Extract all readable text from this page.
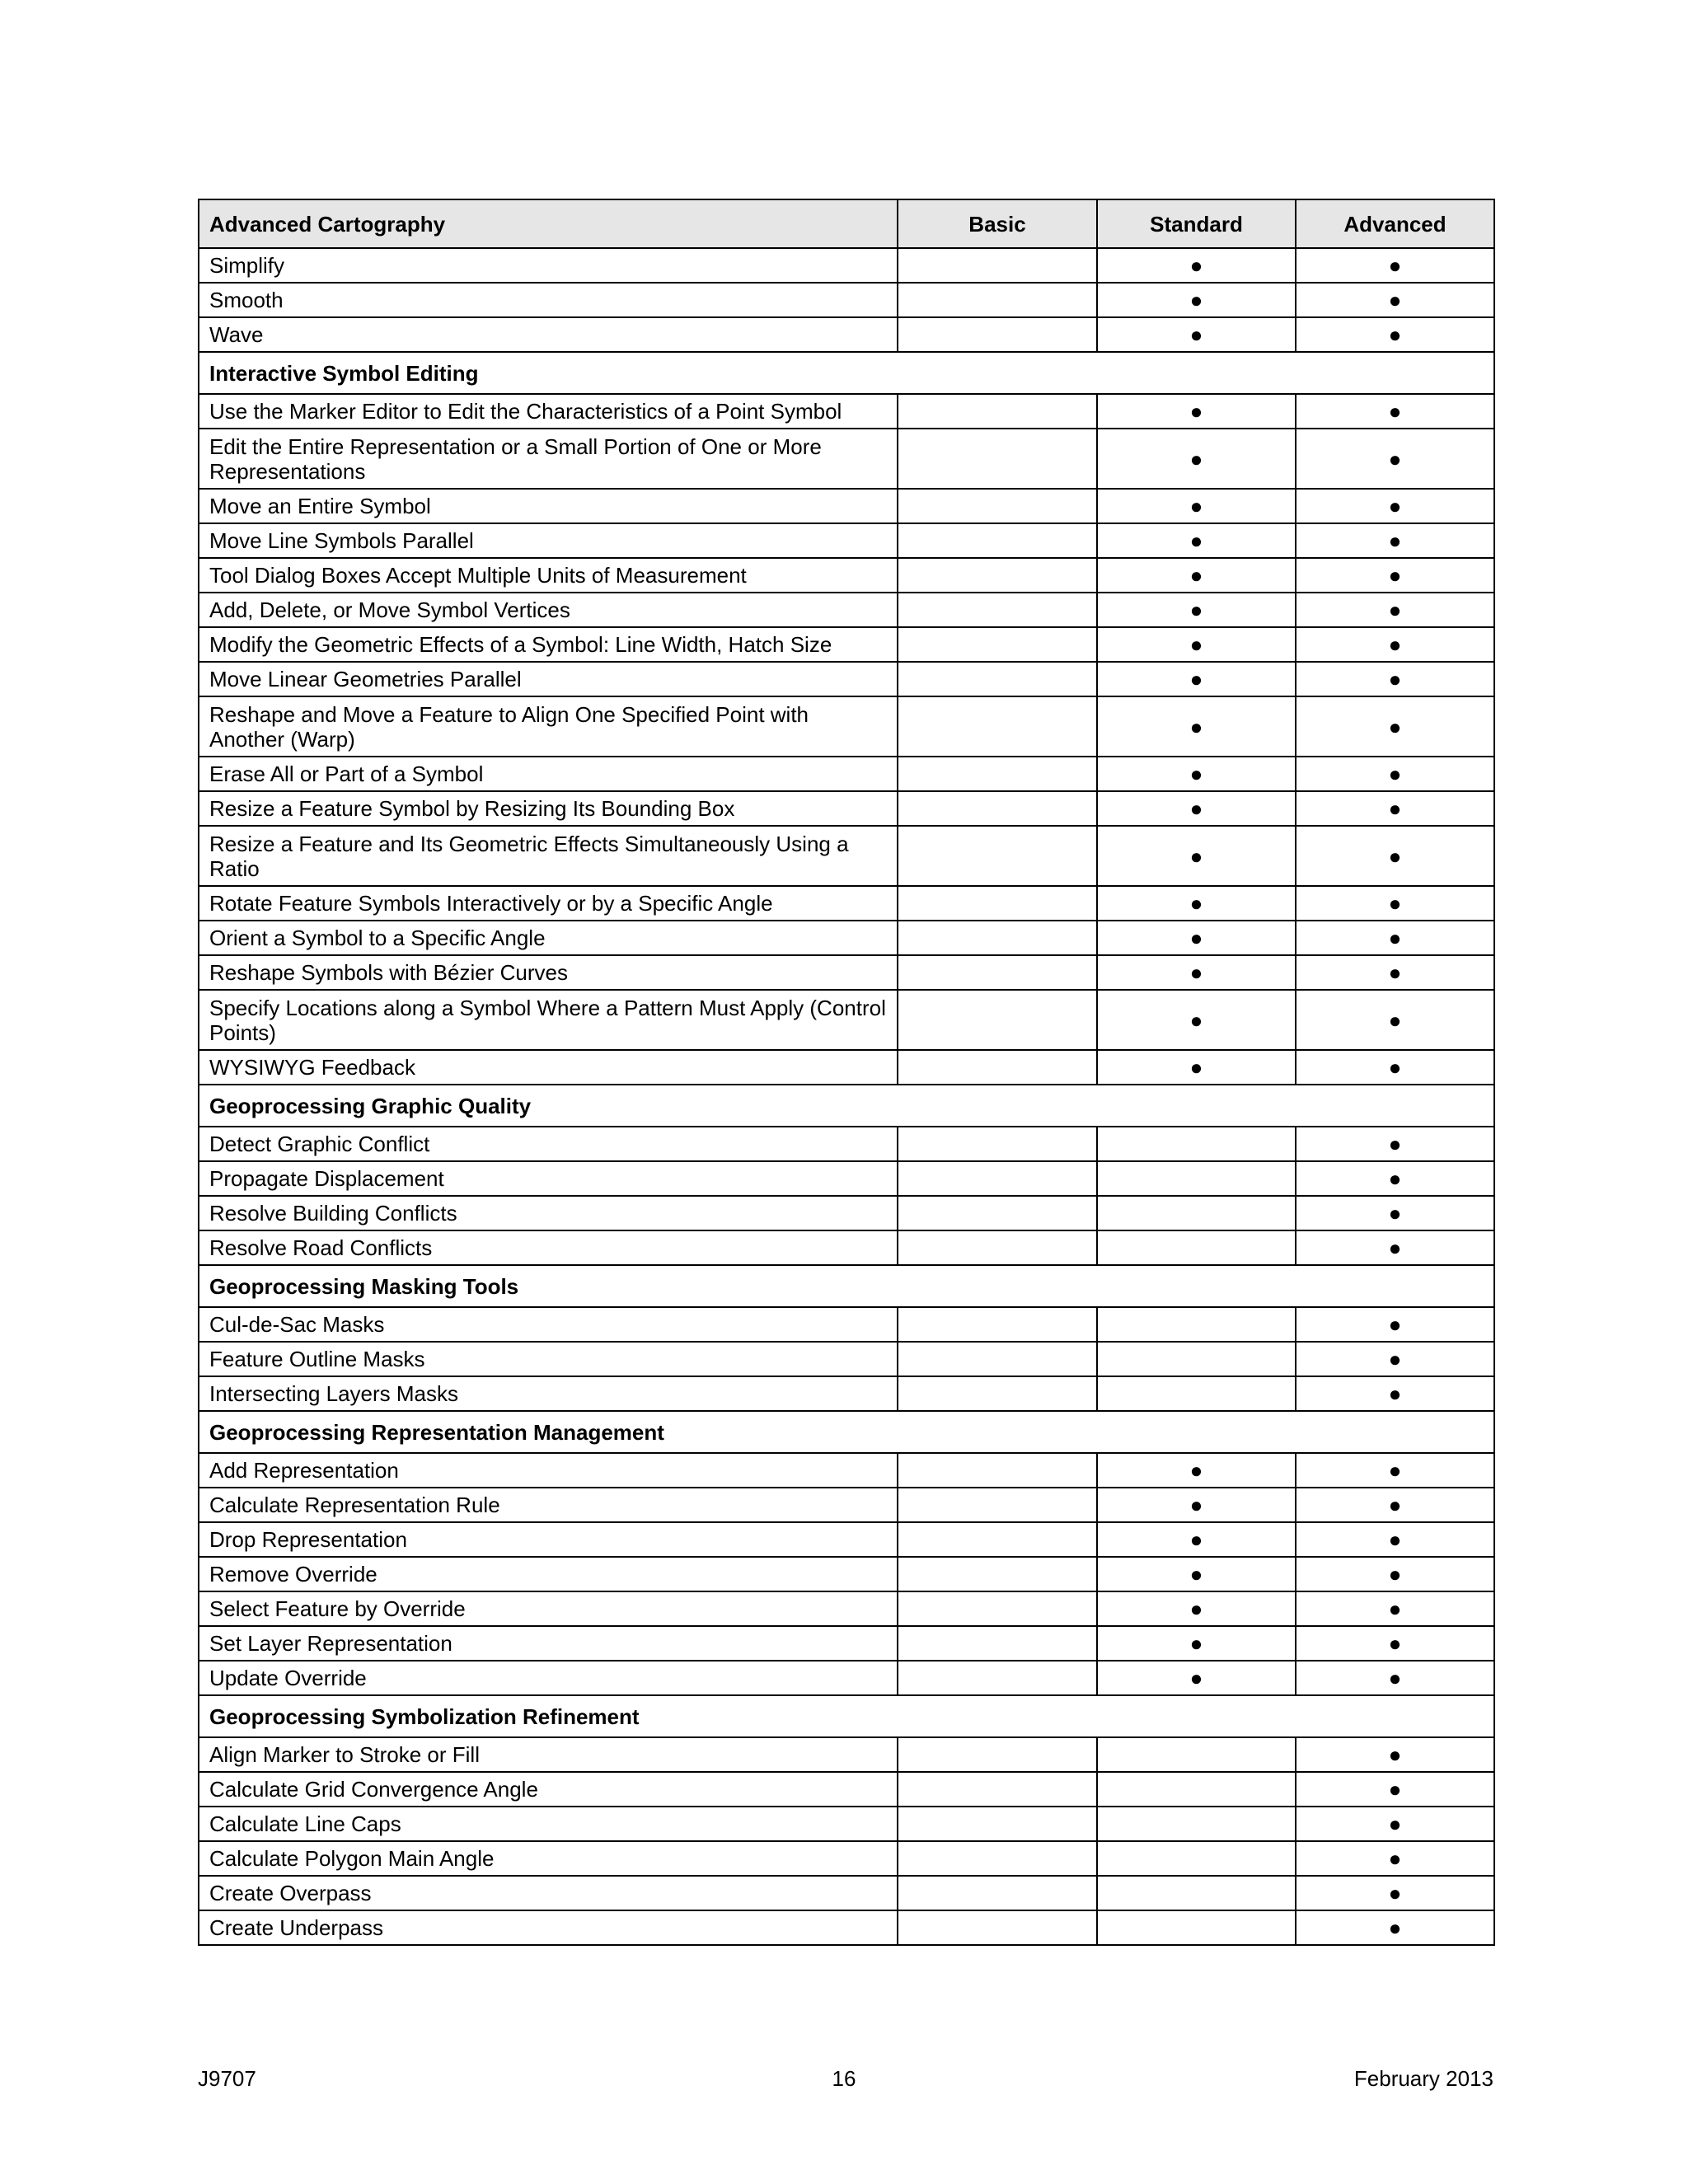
Advanced Cartography	Basic	Standard	Advanced
Simplify		●	●
Smooth		●	●
Wave		●	●
Interactive Symbol Editing			
Use the Marker Editor to Edit the Characteristics of a Point Symbol		●	●
Edit the Entire Representation or a Small Portion of One or More Representations		●	●
Move an Entire Symbol		●	●
Move Line Symbols Parallel		●	●
Tool Dialog Boxes Accept Multiple Units of Measurement		●	●
Add, Delete, or Move Symbol Vertices		●	●
Modify the Geometric Effects of a Symbol: Line Width, Hatch Size		●	●
Move Linear Geometries Parallel		●	●
Reshape and Move a Feature to Align One Specified Point with Another (Warp)		●	●
Erase All or Part of a Symbol		●	●
Resize a Feature Symbol by Resizing Its Bounding Box		●	●
Resize a Feature and Its Geometric Effects Simultaneously Using a Ratio		●	●
Rotate Feature Symbols Interactively or by a Specific Angle		●	●
Orient a Symbol to a Specific Angle		●	●
Reshape Symbols with Bézier Curves		●	●
Specify Locations along a Symbol Where a Pattern Must Apply (Control Points)		●	●
WYSIWYG Feedback		●	●
Geoprocessing Graphic Quality			
Detect Graphic Conflict			●
Propagate Displacement			●
Resolve Building Conflicts			●
Resolve Road Conflicts			●
Geoprocessing Masking Tools			
Cul-de-Sac Masks			●
Feature Outline Masks			●
Intersecting Layers Masks			●
Geoprocessing Representation Management			
Add Representation		●	●
Calculate Representation Rule		●	●
Drop Representation		●	●
Remove Override		●	●
Select Feature by Override		●	●
Set Layer Representation		●	●
Update Override		●	●
Geoprocessing Symbolization Refinement			
Align Marker to Stroke or Fill			●
Calculate Grid Convergence Angle			●
Calculate Line Caps			●
Calculate Polygon Main Angle			●
Create Overpass			●
Create Underpass			●
J9707	16	February 2013
